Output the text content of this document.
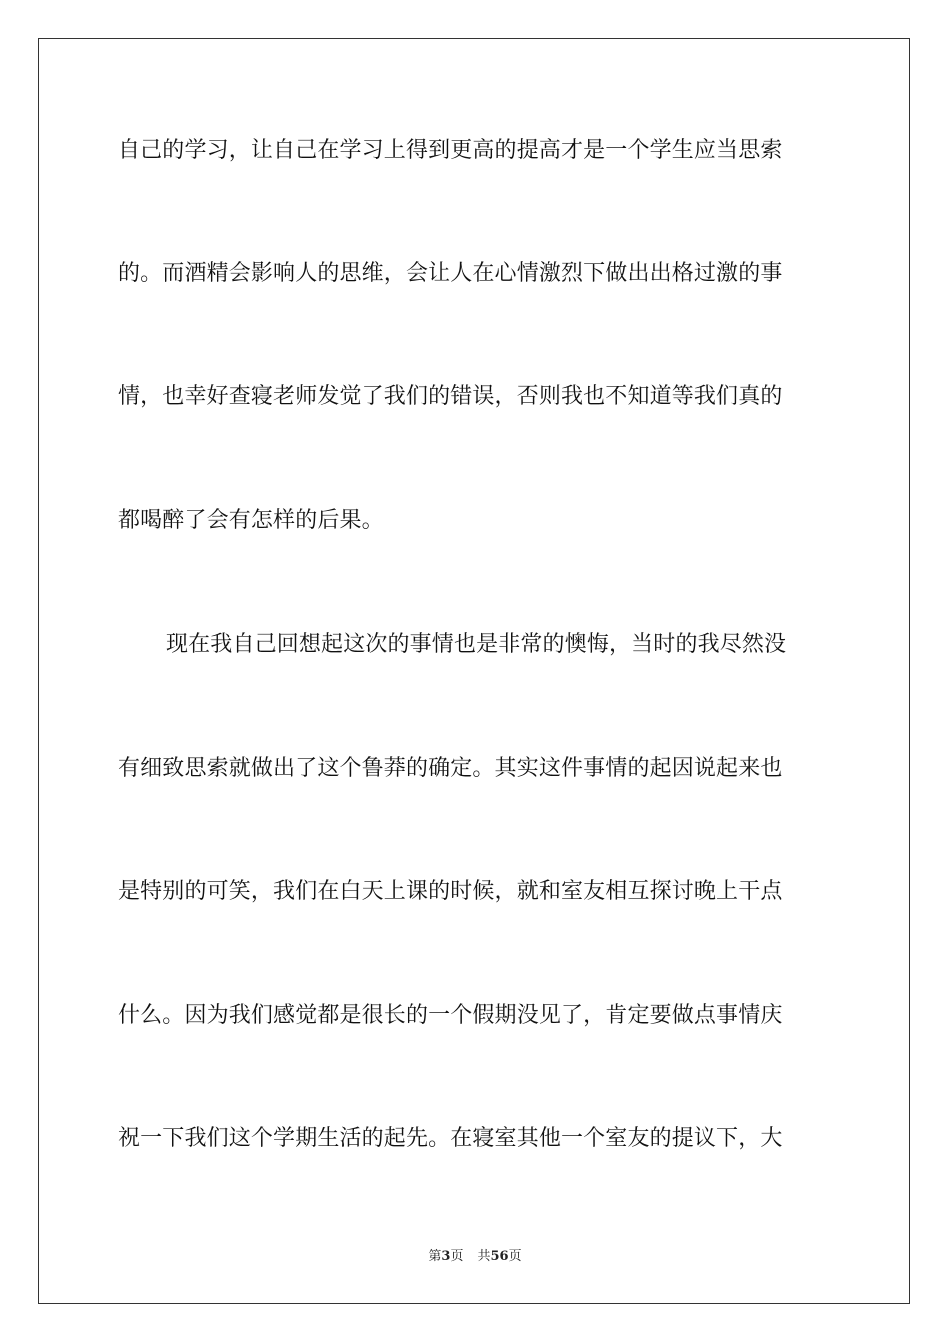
自己的学习，让自己在学习上得到更高的提高才是一个学生应当思索
的。而酒精会影响人的思维，会让人在心情激烈下做出出格过激的事
情，也幸好查寝老师发觉了我们的错误，否则我也不知道等我们真的
都喝醉了会有怎样的后果。
现在我自己回想起这次的事情也是非常的懊悔，当时的我尽然没
有细致思索就做出了这个鲁莽的确定。其实这件事情的起因说起来也
是特别的可笑，我们在白天上课的时候，就和室友相互探讨晚上干点
什么。因为我们感觉都是很长的一个假期没见了，肯定要做点事情庆
祝一下我们这个学期生活的起先。在寝室其他一个室友的提议下，大
第3页 共56页
